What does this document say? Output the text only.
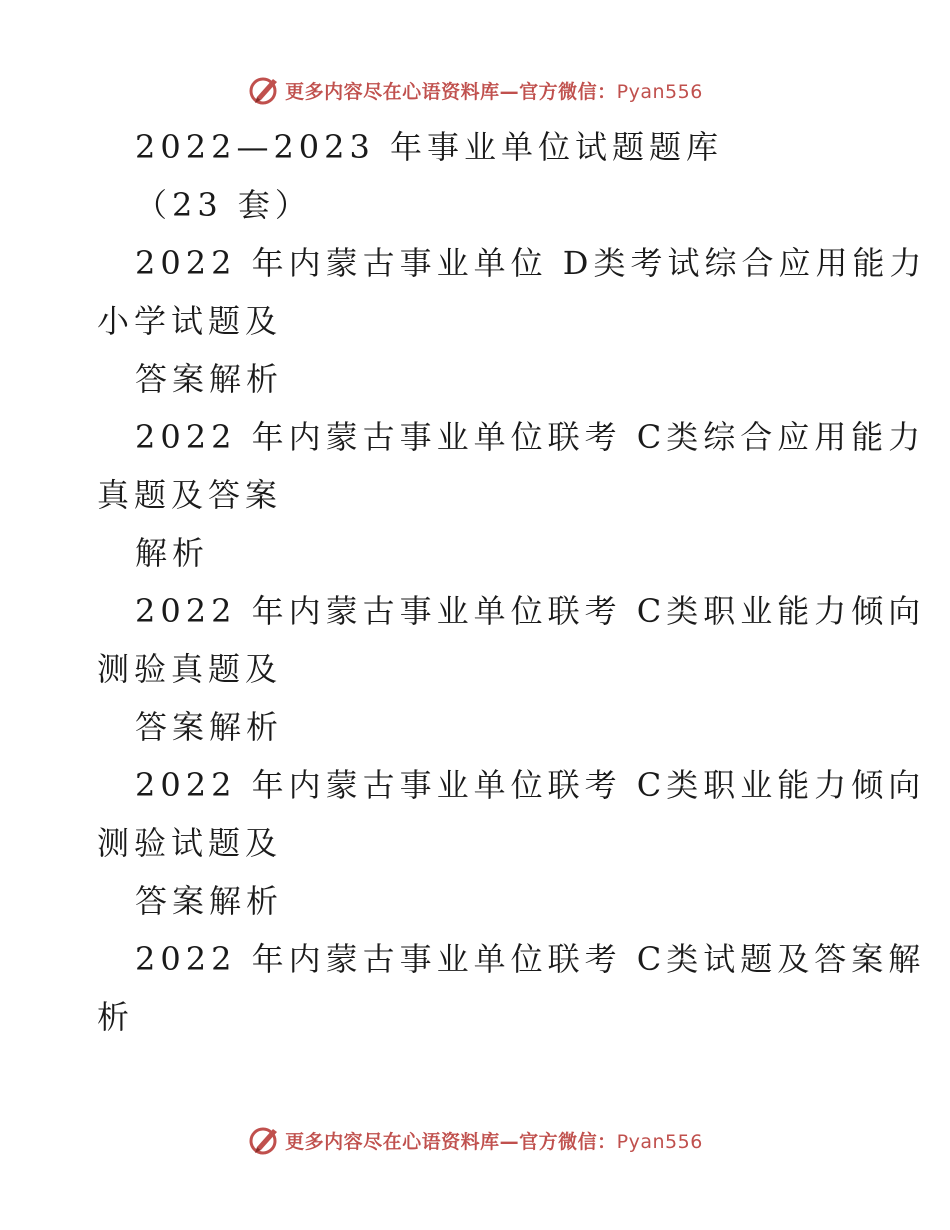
更多内容尽在心语资料库—官方微信：Pyan556
2022—2023 年事业单位试题题库
（23 套）
2022 年内蒙古事业单位 D类考试综合应用能力
小学试题及
答案解析
2022 年内蒙古事业单位联考 C类综合应用能力
真题及答案
解析
2022 年内蒙古事业单位联考 C类职业能力倾向
测验真题及
答案解析
2022 年内蒙古事业单位联考 C类职业能力倾向
测验试题及
答案解析
2022 年内蒙古事业单位联考 C类试题及答案解
析
更多内容尽在心语资料库—官方微信：Pyan556
